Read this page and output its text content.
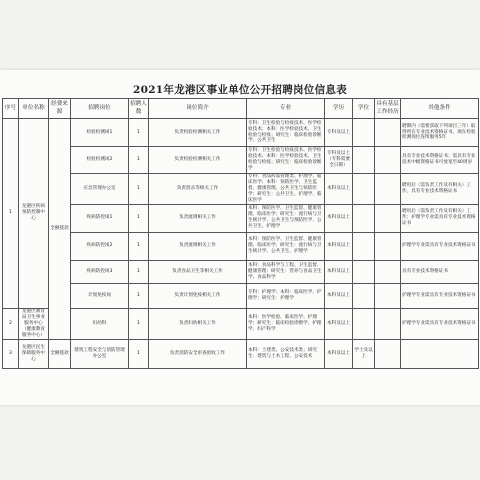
2021年龙港区事业单位公开招聘岗位信息表
序号	单位名称	经费来源	招聘岗位	招聘人数	岗位简介	专业	学历	学位	具有基层工作经历	其他条件
1	龙港区疾病预防控制中心	全额拨款	检验检测岗1	1	负责检验检测相关工作	专科：卫生检验与检疫技术、医学检验技术；本科：医学检验技术、卫生检验与检疫；研究生：临床检验诊断学、公共卫生	专科及以上			聘期内（需要获取下列项目三年）取得所在专业技术资格证书，须在检验检测岗位连续服务5年
			检验检测岗2	1	负责检验检测相关工作	专科：卫生检验与检疫技术、医学检验技术；本科：医学检验技术、卫生检验与检疫；研究生：临床检验诊断学	专科及以上（专科需要全日制）			具有专业技术资格证书；需具有专业技术中级资格证书可放宽至40周岁
			应急管理办公室	1	负责消杀等相关工作	专科：食品药品管理类、护理学、临床医学；本科：预防医学、卫生监督、健康管理、公共卫生与预防医学；研究生：公共卫生、护理学、临床医学	本科及以上			聘用后（需负责工作及有相关）工作，具有专业技术资格证书
			疾病防控岗1	1	负责流调相关工作	本科：预防医学、卫生监督、健康管理、临床医学；研究生：流行病与卫生统计学、公共卫生与预防医学、公共卫生、护理学	本科及以上			聘用后（需负责工作及有相关）工作；护理学专业需具有专业技术资格证书
			疾病防控岗2	1	负责流调相关工作	本科：预防医学、卫生监督、健康管理、临床医学；研究生：流行病与卫生统计学、公共卫生、护理学	本科及以上			护理学专业需具有专业技术资格证书
			疾病防控岗3	1	负责食品卫生等相关工作	本科：食品科学与工程、卫生监督、健康管理；研究生：营养与食品卫生学、食品科学	本科及以上			具有专业技术资格证书
			计划免疫岗	1	负责计划免疫相关工作	专科：护理学；本科：临床医学、护理学；研究生：护理学	本科及以上			护理学专业需具有专业技术资格证书
2	龙港区教育局卫生事业服务中心（健康教育服务中心）		妇幼科	1	负责妇幼相关工作	本科：医学检验、临床医学、护理学；研究生：临床检验诊断学、护理学、妇产科学	本科及以上			护理学专业需具有专业技术资格证书
3	龙港区民生保障服务中心	全额拨款	建筑工程安全与消防管理办公室	1	负责消防安全审查验收工作	本科：土建类、公安技术类；研究生：建筑与土木工程、公安技术	本科及以上	学士及以上		
